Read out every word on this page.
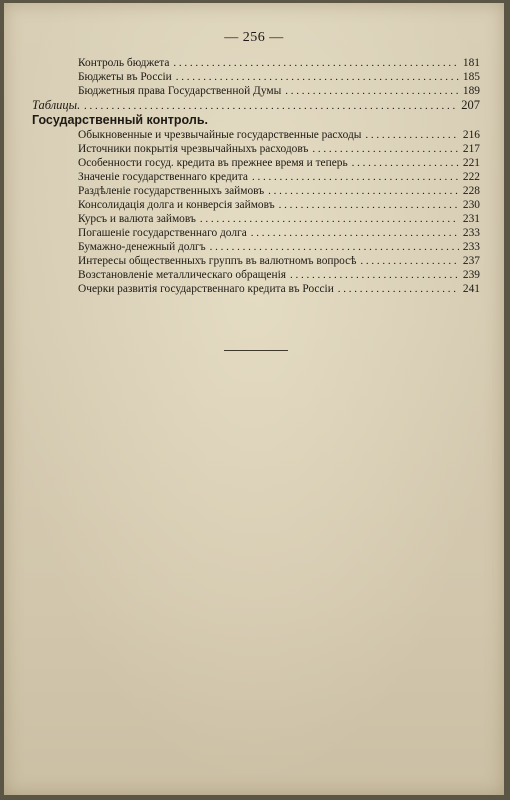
— 256 —
Контроль бюджета . . .	181
Бюджеты въ Россіи . . .	185
Бюджетныя права Государственной Думы . . .	189
Таблицы. . . .	207
Государственный контроль.
Обыкновенные и чрезвычайные государственные расходы . . .	216
Источники покрытія чрезвычайныхъ расходовъ . . .	217
Особенности госуд. кредита въ прежнее время и теперь . . .	221
Значеніе государственнаго кредита . . .	222
Раздѣленіе государственныхъ займовъ . . .	228
Консолидація долга и конверсія займовъ . . .	230
Курсъ и валюта займовъ . . .	231
Погашеніе государственнаго долга . . .	233
Бумажно-денежный долгъ . . .	233
Интересы общественныхъ группъ въ валютномъ вопросѣ . . .	237
Возстановленіе металлическаго обращенія . . .	239
Очерки развитія государственнаго кредита въ Россіи . . .	241
